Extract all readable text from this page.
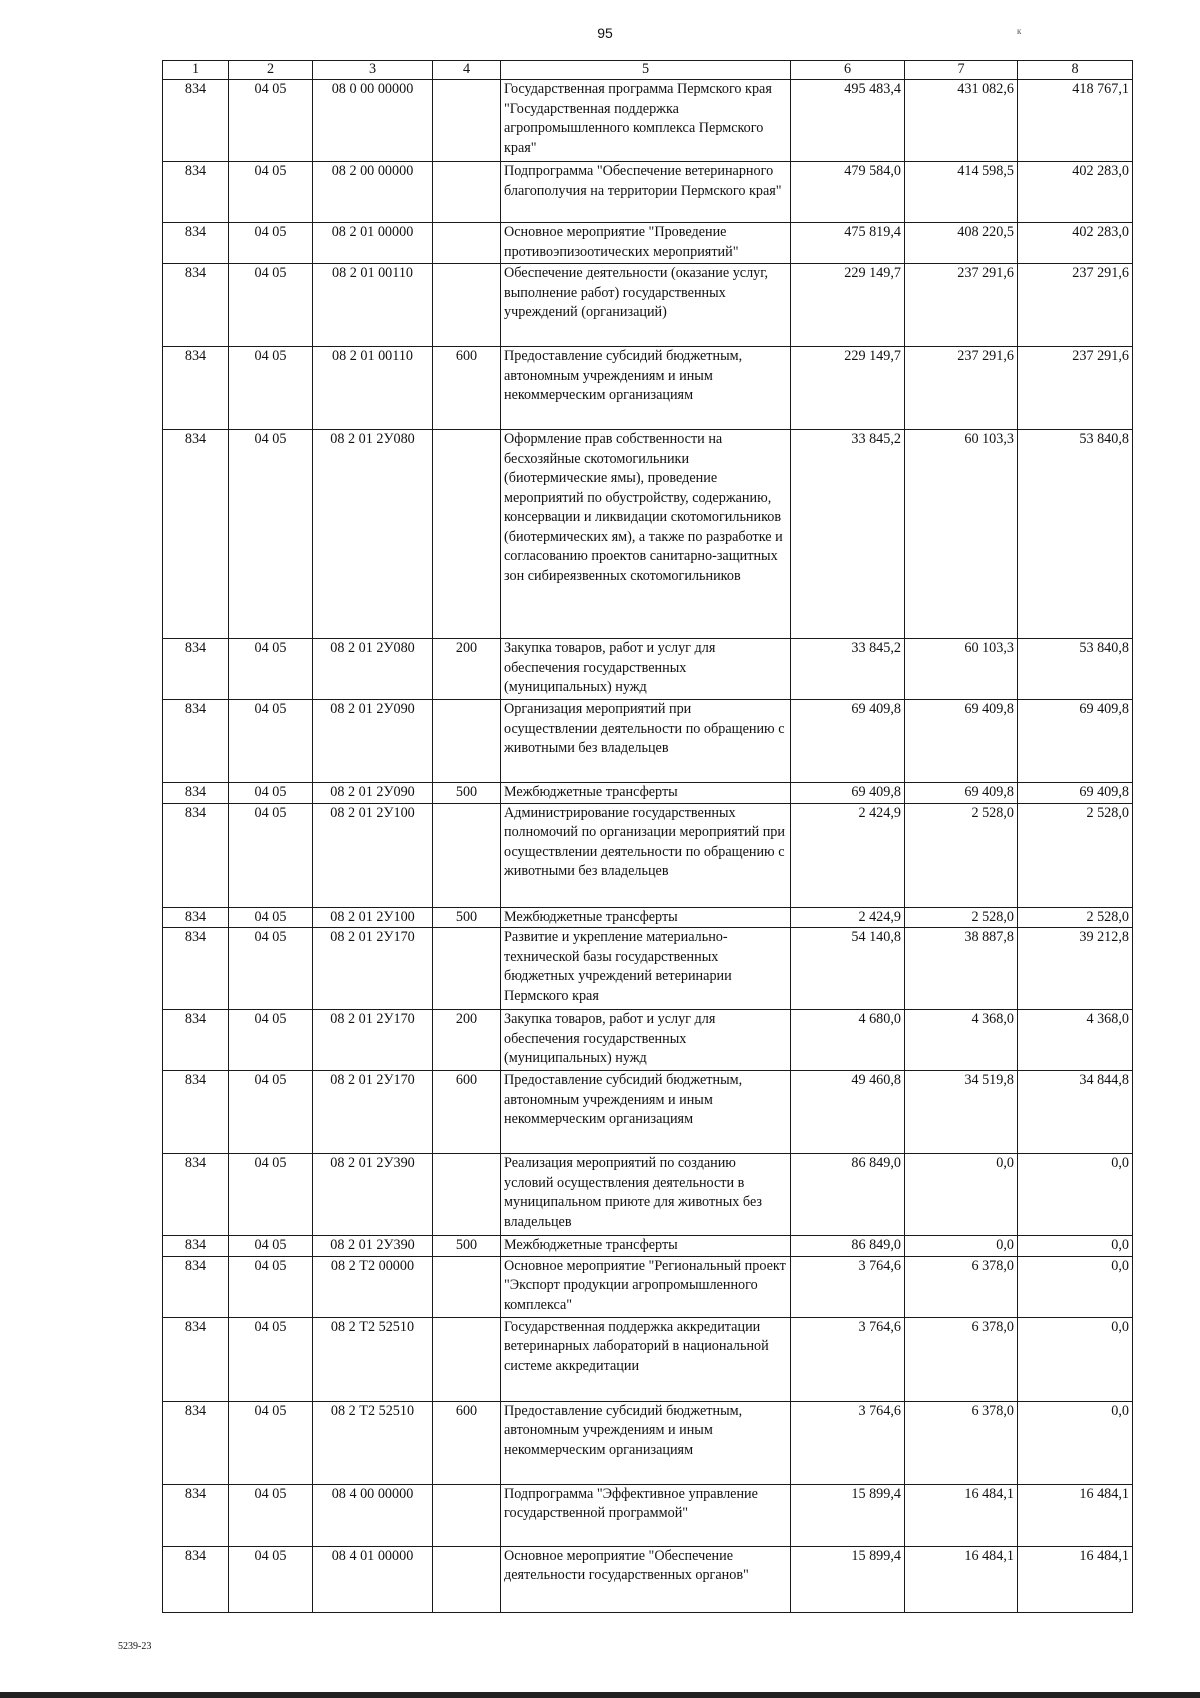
95	к
1	2	3	4	5	6	7	8
834	04 05	08 0 00 00000		Государственная программа Пермского края "Государственная поддержка агропромышленного комплекса Пермского края"	495 483,4	431 082,6	418 767,1
834	04 05	08 2 00 00000		Подпрограмма "Обеспечение ветеринарного благополучия на территории Пермского края"	479 584,0	414 598,5	402 283,0
834	04 05	08 2 01 00000		Основное мероприятие "Проведение противоэпизоотических мероприятий"	475 819,4	408 220,5	402 283,0
834	04 05	08 2 01 00110		Обеспечение деятельности (оказание услуг, выполнение работ) государственных учреждений (организаций)	229 149,7	237 291,6	237 291,6
834	04 05	08 2 01 00110	600	Предоставление субсидий бюджетным, автономным учреждениям и иным некоммерческим организациям	229 149,7	237 291,6	237 291,6
834	04 05	08 2 01 2У080		Оформление прав собственности на бесхозяйные скотомогильники (биотермические ямы), проведение мероприятий по обустройству, содержанию, консервации и ликвидации скотомогильников (биотермических ям), а также по разработке и согласованию проектов санитарно-защитных зон сибиреязвенных скотомогильников	33 845,2	60 103,3	53 840,8
834	04 05	08 2 01 2У080	200	Закупка товаров, работ и услуг для обеспечения государственных (муниципальных) нужд	33 845,2	60 103,3	53 840,8
834	04 05	08 2 01 2У090		Организация мероприятий при осуществлении деятельности по обращению с животными без владельцев	69 409,8	69 409,8	69 409,8
834	04 05	08 2 01 2У090	500	Межбюджетные трансферты	69 409,8	69 409,8	69 409,8
834	04 05	08 2 01 2У100		Администрирование государственных полномочий по организации мероприятий при осуществлении деятельности по обращению с животными без владельцев	2 424,9	2 528,0	2 528,0
834	04 05	08 2 01 2У100	500	Межбюджетные трансферты	2 424,9	2 528,0	2 528,0
834	04 05	08 2 01 2У170		Развитие и укрепление материально-технической базы государственных бюджетных учреждений ветеринарии Пермского края	54 140,8	38 887,8	39 212,8
834	04 05	08 2 01 2У170	200	Закупка товаров, работ и услуг для обеспечения государственных (муниципальных) нужд	4 680,0	4 368,0	4 368,0
834	04 05	08 2 01 2У170	600	Предоставление субсидий бюджетным, автономным учреждениям и иным некоммерческим организациям	49 460,8	34 519,8	34 844,8
834	04 05	08 2 01 2У390		Реализация мероприятий по созданию условий осуществления деятельности в муниципальном приюте для животных без владельцев	86 849,0	0,0	0,0
834	04 05	08 2 01 2У390	500	Межбюджетные трансферты	86 849,0	0,0	0,0
834	04 05	08 2 Т2 00000		Основное мероприятие "Региональный проект "Экспорт продукции агропромышленного комплекса"	3 764,6	6 378,0	0,0
834	04 05	08 2 Т2 52510		Государственная поддержка аккредитации ветеринарных лабораторий в национальной системе аккредитации	3 764,6	6 378,0	0,0
834	04 05	08 2 Т2 52510	600	Предоставление субсидий бюджетным, автономным учреждениям и иным некоммерческим организациям	3 764,6	6 378,0	0,0
834	04 05	08 4 00 00000		Подпрограмма "Эффективное управление государственной программой"	15 899,4	16 484,1	16 484,1
834	04 05	08 4 01 00000		Основное мероприятие "Обеспечение деятельности государственных органов"	15 899,4	16 484,1	16 484,1
5239-23
